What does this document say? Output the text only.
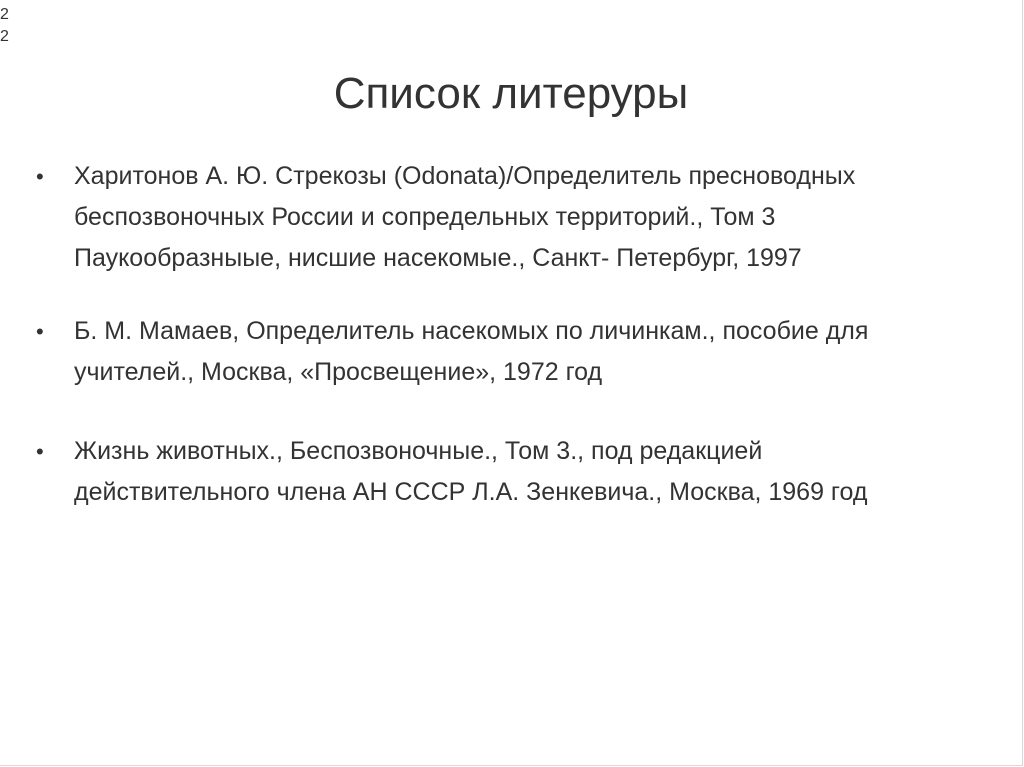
2
2
Список литеруры
• Харитонов А. Ю. Стрекозы (Odonata)/Определитель пресноводных беспозвоночных России и сопредельных территорий., Том 3 Паукообразныые, нисшие насекомые., Санкт- Петербург, 1997
• Б. М. Мамаев, Определитель насекомых по личинкам., пособие для учителей., Москва, «Просвещение», 1972 год
• Жизнь животных., Беспозвоночные., Том 3., под редакцией действительного члена АН СССР Л.А. Зенкевича., Москва, 1969 год
